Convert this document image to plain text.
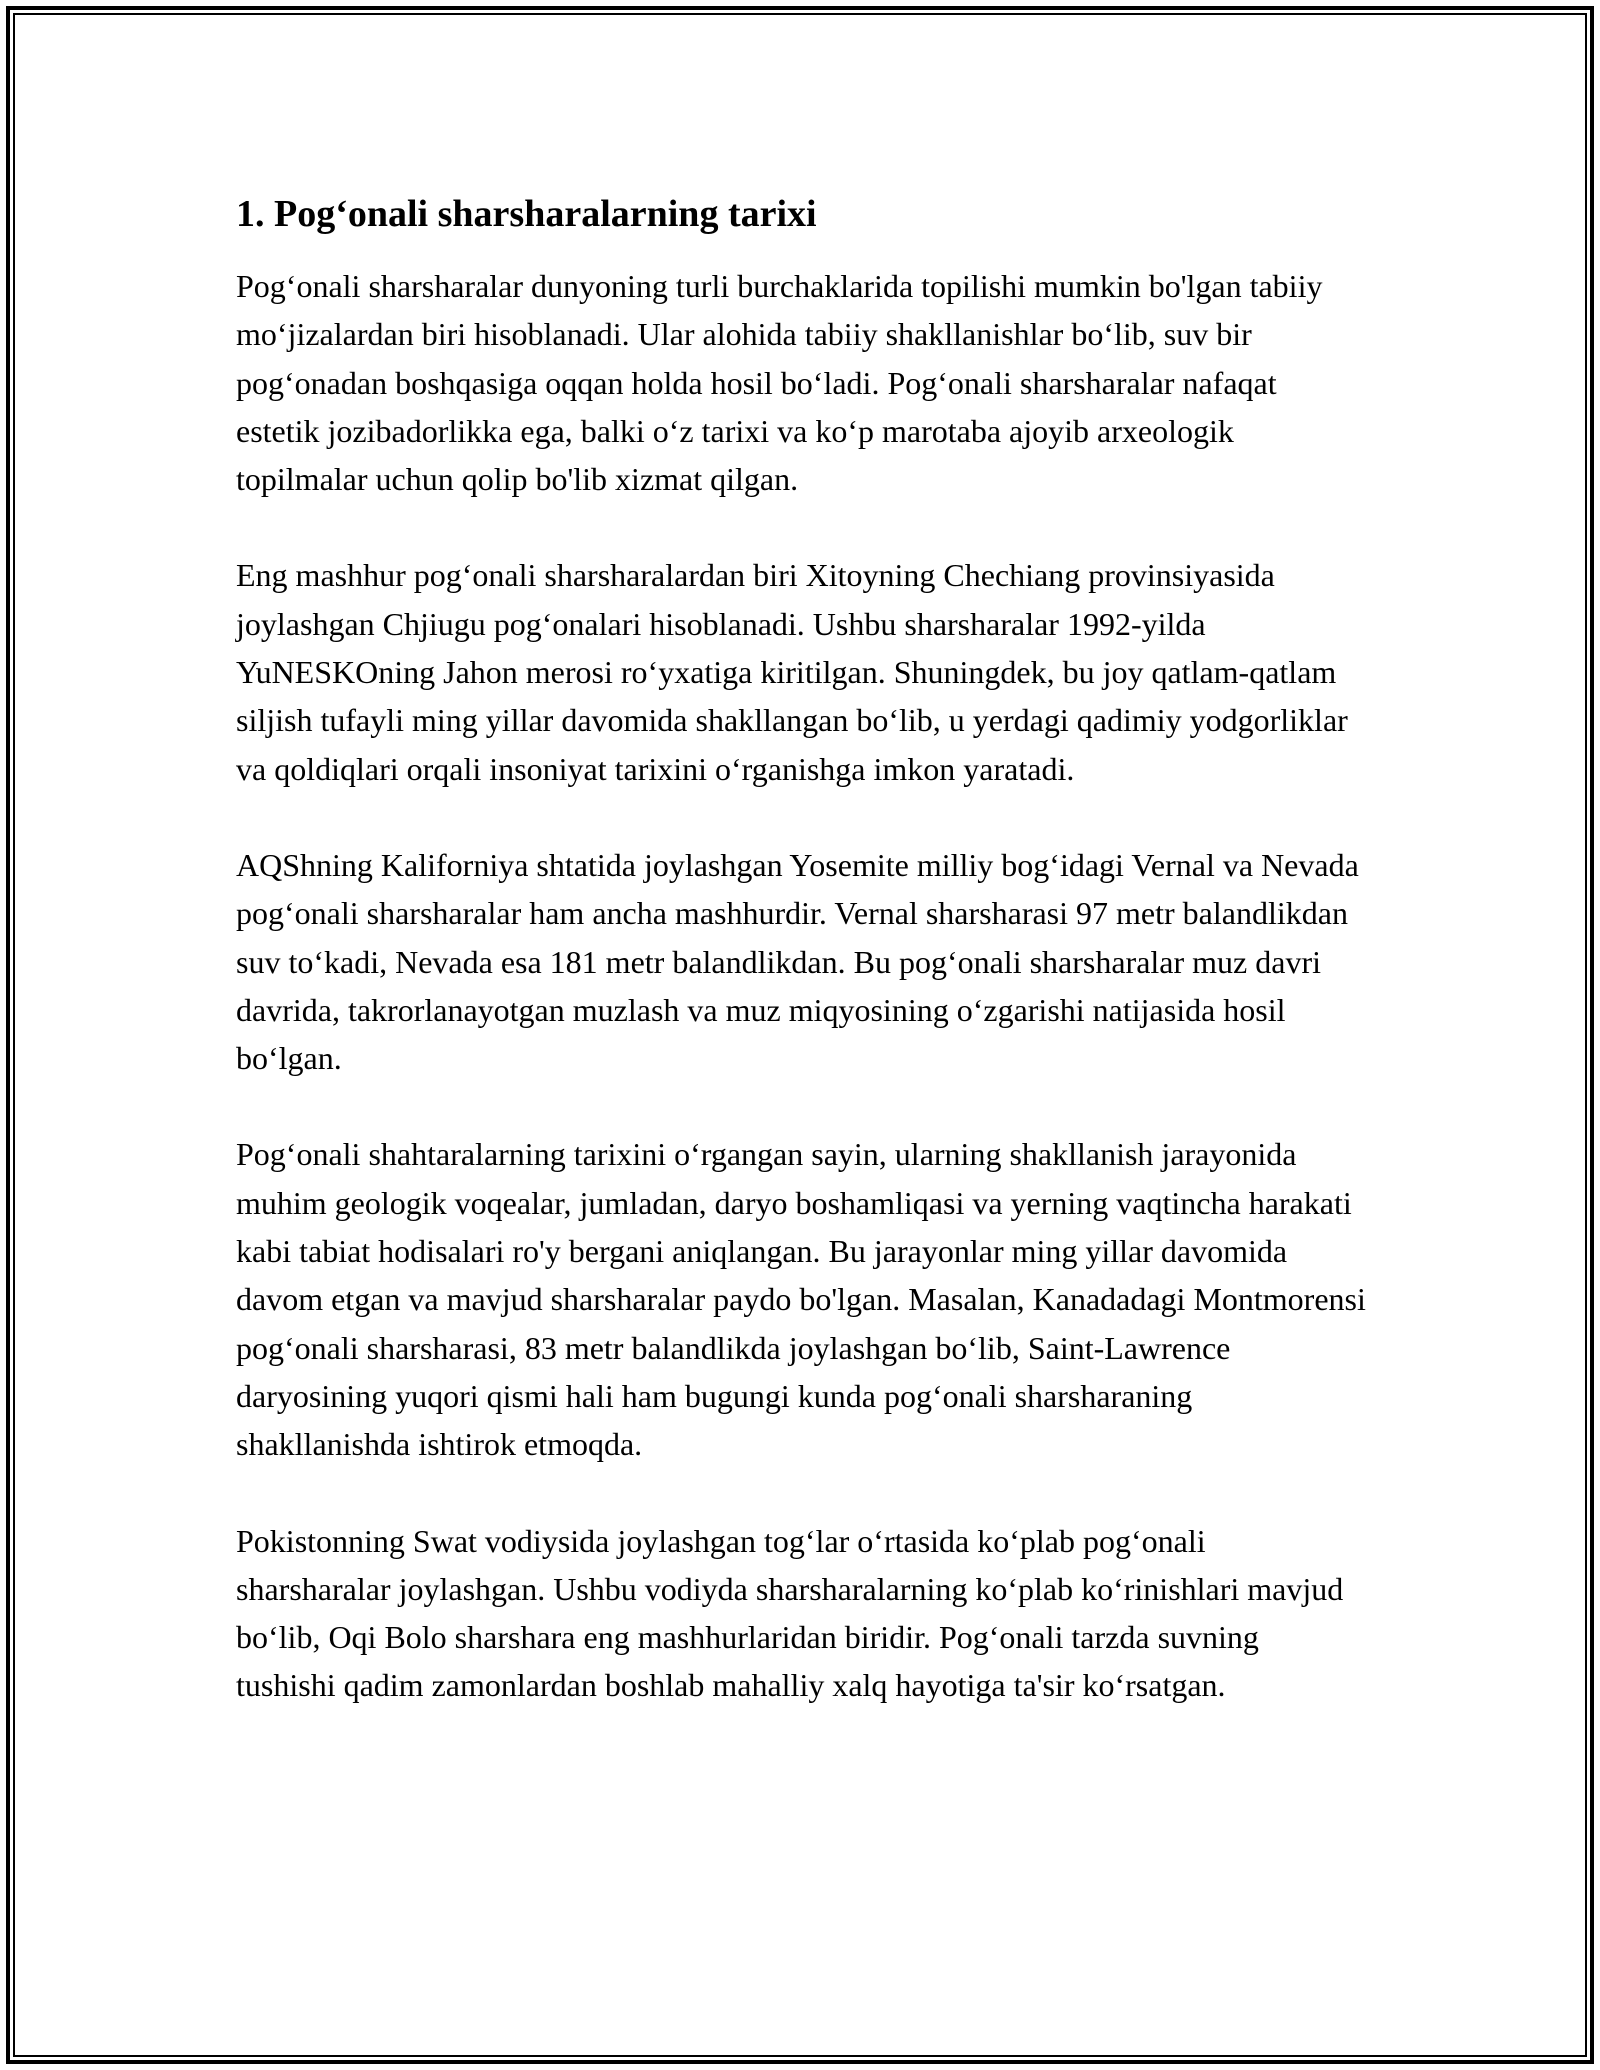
1. Pog‘onali sharsharalarning tarixi

Pog‘onali sharsharalar dunyoning turli burchaklarida topilishi mumkin bo'lgan tabiiy mo‘jizalardan biri hisoblanadi. Ular alohida tabiiy shakllanishlar bo‘lib, suv bir pog‘onadan boshqasiga oqqan holda hosil bo‘ladi. Pog‘onali sharsharalar nafaqat estetik jozibadorlikka ega, balki o‘z tarixi va ko‘p marotaba ajoyib arxeologik topilmalar uchun qolip bo'lib xizmat qilgan.

Eng mashhur pog‘onali sharsharalardan biri Xitoyning Chechiang provinsiyasida joylashgan Chjiugu pog‘onalari hisoblanadi. Ushbu sharsharalar 1992-yilda YuNESKOning Jahon merosi ro‘yxatiga kiritilgan. Shuningdek, bu joy qatlam-qatlam siljish tufayli ming yillar davomida shakllangan bo‘lib, u yerdagi qadimiy yodgorliklar va qoldiqlari orqali insoniyat tarixini o‘rganishga imkon yaratadi.

AQShning Kaliforniya shtatida joylashgan Yosemite milliy bog‘idagi Vernal va Nevada pog‘onali sharsharalar ham ancha mashhurdir. Vernal sharsharasi 97 metr balandlikdan suv to‘kadi, Nevada esa 181 metr balandlikdan. Bu pog‘onali sharsharalar muz davri davrida, takrorlanayotgan muzlash va muz miqyosining o‘zgarishi natijasida hosil bo‘lgan.

Pog‘onali shahtaralarning tarixini o‘rgangan sayin, ularning shakllanish jarayonida muhim geologik voqealar, jumladan, daryo boshamliqasi va yerning vaqtincha harakati kabi tabiat hodisalari ro'y bergani aniqlangan. Bu jarayonlar ming yillar davomida davom etgan va mavjud sharsharalar paydo bo'lgan. Masalan, Kanadadagi Montmorensi pog‘onali sharsharasi, 83 metr balandlikda joylashgan bo‘lib, Saint-Lawrence daryosining yuqori qismi hali ham bugungi kunda pog‘onali sharsharaning shakllanishda ishtirok etmoqda.

Pokistonning Swat vodiysida joylashgan tog‘lar o‘rtasida ko‘plab pog‘onali sharsharalar joylashgan. Ushbu vodiyda sharsharalarning ko‘plab ko‘rinishlari mavjud bo‘lib, Oqi Bolo sharshara eng mashhurlaridan biridir. Pog‘onali tarzda suvning tushishi qadim zamonlardan boshlab mahalliy xalq hayotiga ta'sir ko‘rsatgan.
